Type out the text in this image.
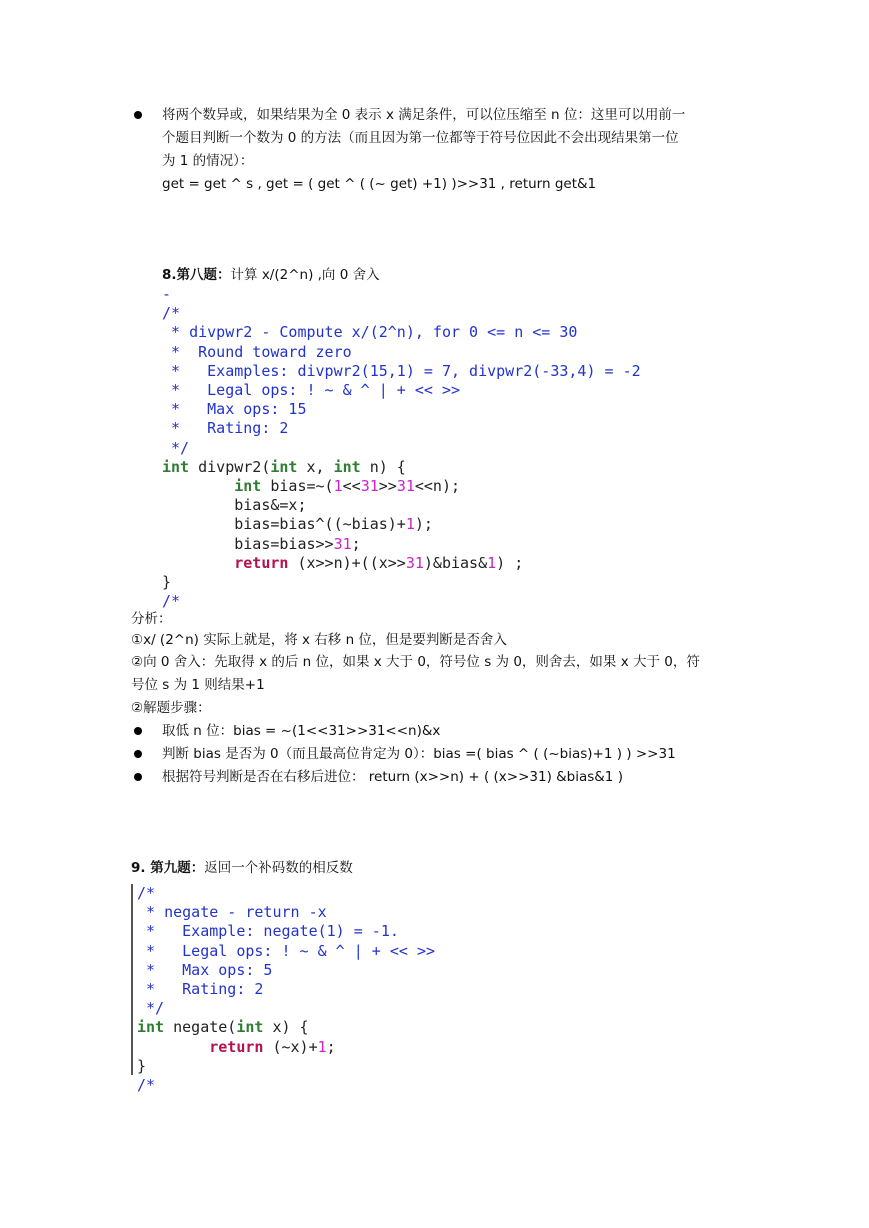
将两个数异或，如果结果为全 0 表示 x 满足条件，可以位压缩至 n 位：这里可以用前一
个题目判断一个数为 0 的方法（而且因为第一位都等于符号位因此不会出现结果第一位
为 1 的情况）：
get = get ^ s , get = ( get ^ ( (~ get) +1) )>>31 , return get&1
8.第八题：计算 x/(2^n) ,向 0 舍入
-
/*
* divpwr2 - Compute x/(2^n), for 0 <= n <= 30
*  Round toward zero
*   Examples: divpwr2(15,1) = 7, divpwr2(-33,4) = -2
*   Legal ops: ! ~ & ^ | + << >>
*   Max ops: 15
*   Rating: 2
*/
int divpwr2(int x, int n) {
int bias=~(1<<31>>31<<n);
bias&=x;
bias=bias^((~bias)+1);
bias=bias>>31;
return (x>>n)+((x>>31)&bias&1) ;
}
/*
分析：
①x/ (2^n) 实际上就是，将 x 右移 n 位，但是要判断是否舍入
②向 0 舍入：先取得 x 的后 n 位，如果 x 大于 0，符号位 s 为 0，则舍去，如果 x 大于 0，符
号位 s 为 1 则结果+1
②解题步骤：
取低 n 位：bias = ~(1<<31>>31<<n)&x
判断 bias 是否为 0（而且最高位肯定为 0）：bias =( bias ^ ( (~bias)+1 ) ) >>31
根据符号判断是否在右移后进位： return (x>>n) + ( (x>>31) &bias&1 )
9. 第九题：返回一个补码数的相反数
/*
* negate - return -x
*   Example: negate(1) = -1.
*   Legal ops: ! ~ & ^ | + << >>
*   Max ops: 5
*   Rating: 2
*/
int negate(int x) {
return (~x)+1;
}
/*
